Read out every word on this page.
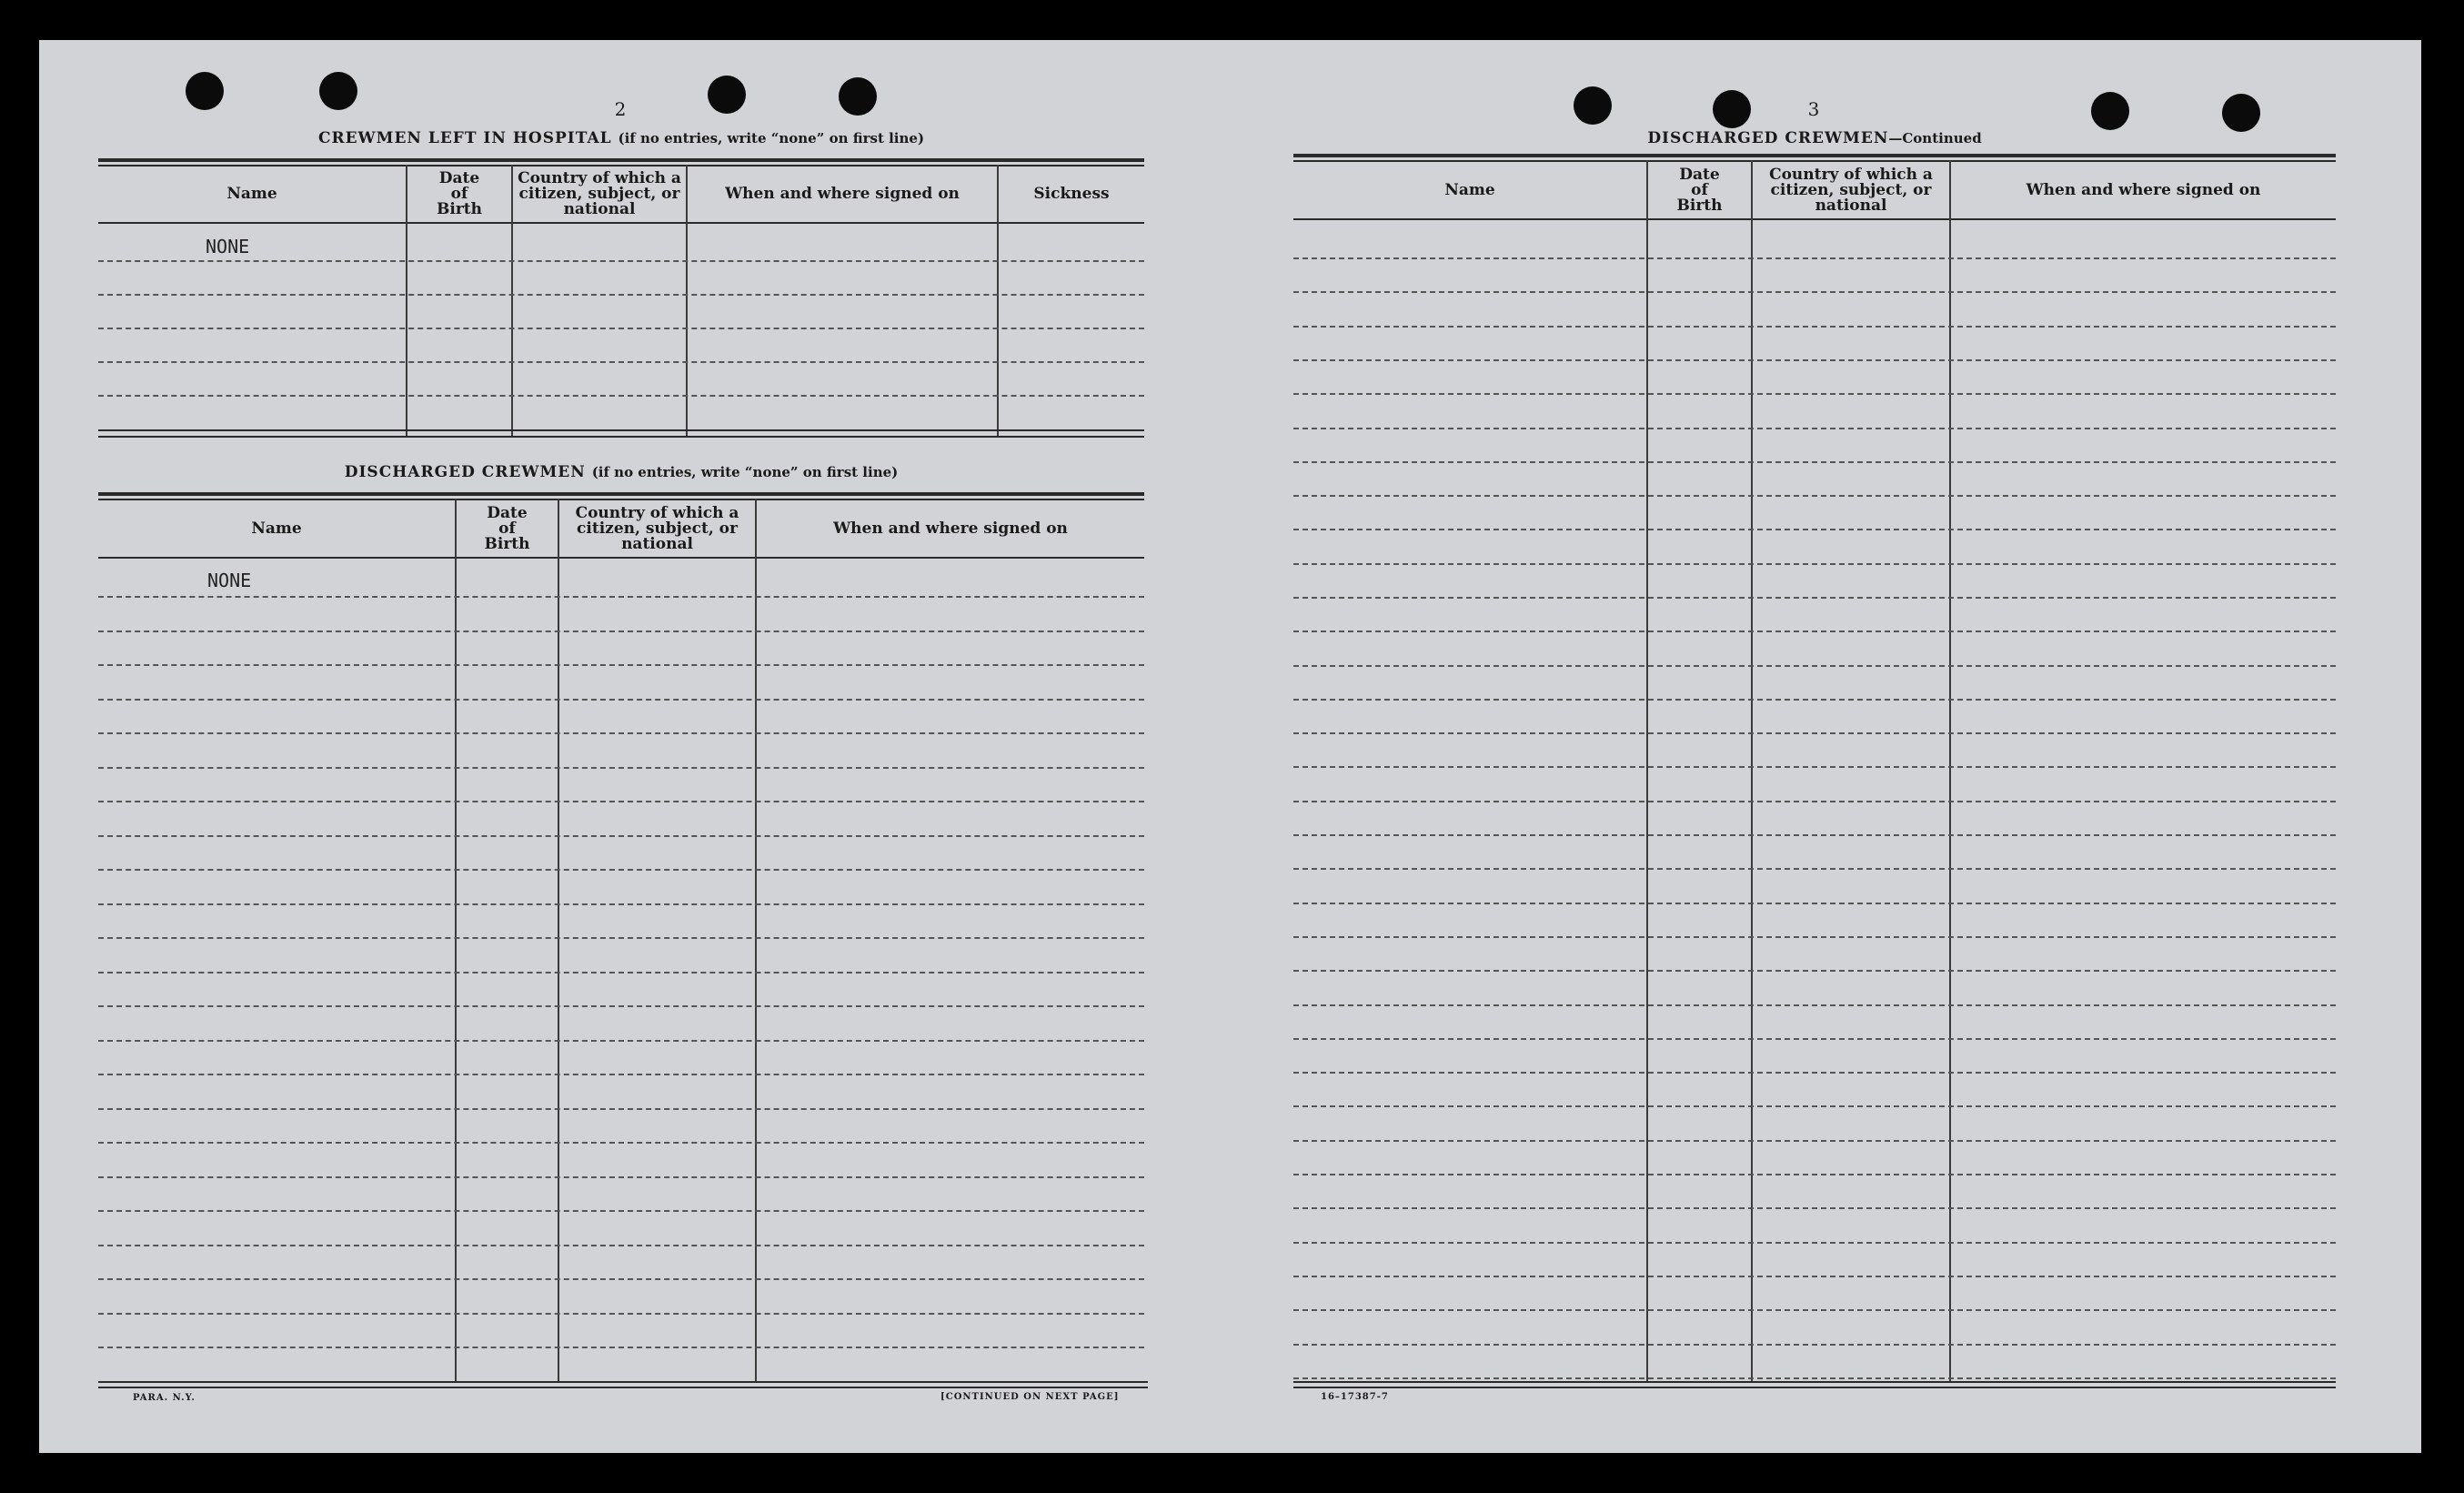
2
CREWMEN LEFT IN HOSPITAL (if no entries, write “none” on first line)
Name
Date
of
Birth
Country of which a
citizen, subject, or
national
When and where signed on	Sickness
NONE
DISCHARGED CREWMEN (if no entries, write “none” on first line)
Name
Date
of
Birth
Country of which a
citizen, subject, or
national
When and where signed on
NONE
PARA. N.Y.	[CONTINUED ON NEXT PAGE]
3
DISCHARGED CREWMEN—Continued
Name
Date
of
Birth
Country of which a
citizen, subject, or
national
When and where signed on
16–17387-7
